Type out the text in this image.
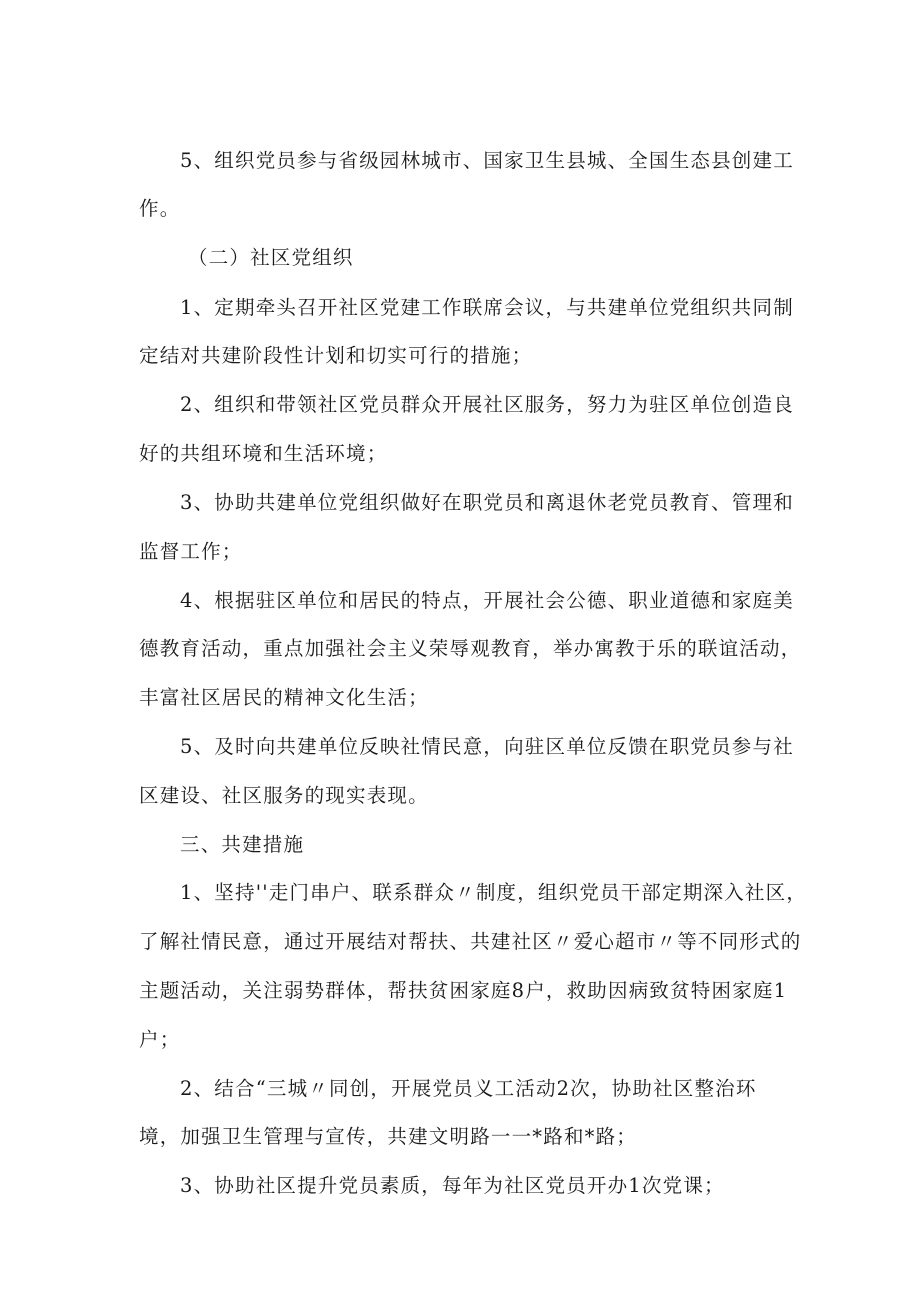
5、组织党员参与省级园林城市、国家卫生县城、全国生态县创建工
作。
（二）社区党组织
1、定期牵头召开社区党建工作联席会议，与共建单位党组织共同制
定结对共建阶段性计划和切实可行的措施；
2、组织和带领社区党员群众开展社区服务，努力为驻区单位创造良
好的共组环境和生活环境；
3、协助共建单位党组织做好在职党员和离退休老党员教育、管理和
监督工作；
4、根据驻区单位和居民的特点，开展社会公德、职业道德和家庭美
德教育活动，重点加强社会主义荣辱观教育，举办寓教于乐的联谊活动，
丰富社区居民的精神文化生活；
5、及时向共建单位反映社情民意，向驻区单位反馈在职党员参与社
区建设、社区服务的现实表现。
三、共建措施
1、坚持''走门串户、联系群众〃制度，组织党员干部定期深入社区，
了解社情民意，通过开展结对帮扶、共建社区〃爱心超市〃等不同形式的
主题活动，关注弱势群体，帮扶贫困家庭8户，救助因病致贫特困家庭1
户；
2、结合“三城〃同创，开展党员义工活动2次，协助社区整治环
境，加强卫生管理与宣传，共建文明路一一*路和*路；
3、协助社区提升党员素质，每年为社区党员开办1次党课；
